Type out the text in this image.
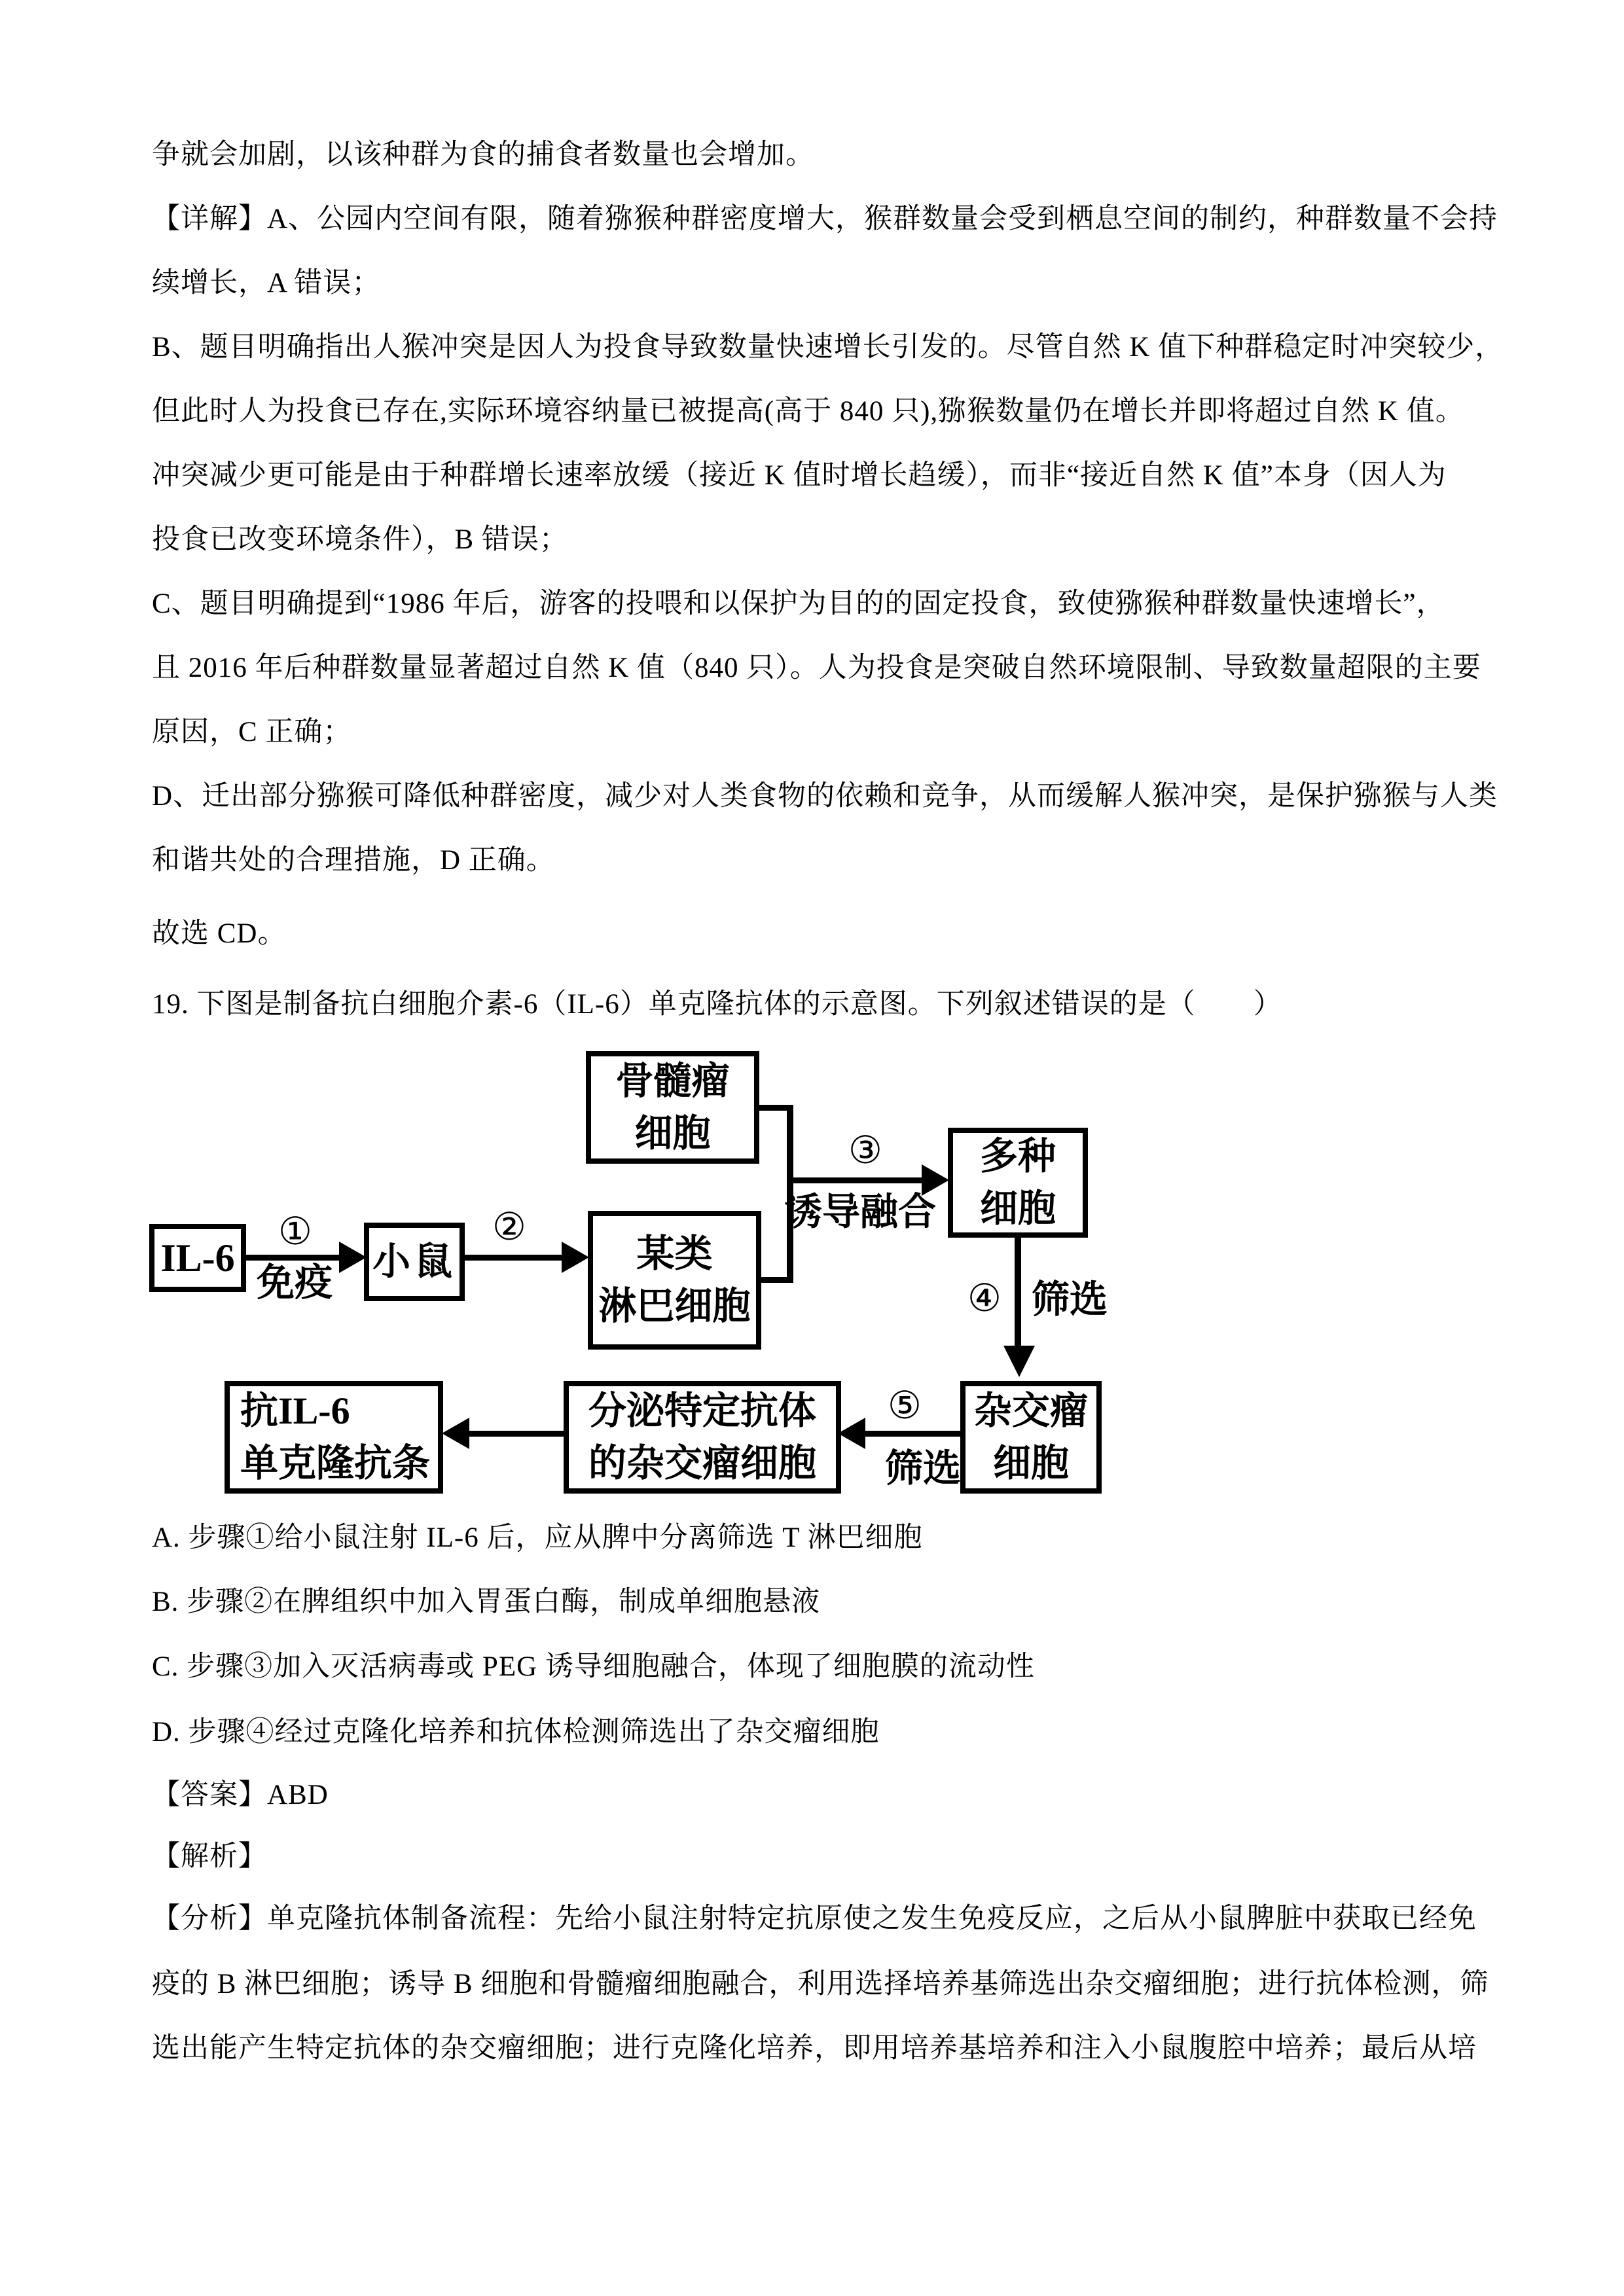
争就会加剧，以该种群为食的捕食者数量也会增加。
【详解】A、公园内空间有限，随着猕猴种群密度增大，猴群数量会受到栖息空间的制约，种群数量不会持
续增长，A 错误；
B、题目明确指出人猴冲突是因人为投食导致数量快速增长引发的。尽管自然 K 值下种群稳定时冲突较少，
但此时人为投食已存在,实际环境容纳量已被提高(高于 840 只),猕猴数量仍在增长并即将超过自然 K 值。
冲突减少更可能是由于种群增长速率放缓（接近 K 值时增长趋缓），而非“接近自然 K 值”本身（因人为
投食已改变环境条件），B 错误；
C、题目明确提到“1986 年后，游客的投喂和以保护为目的的固定投食，致使猕猴种群数量快速增长”，
且 2016 年后种群数量显著超过自然 K 值（840 只）。人为投食是突破自然环境限制、导致数量超限的主要
原因，C 正确；
D、迁出部分猕猴可降低种群密度，减少对人类食物的依赖和竞争，从而缓解人猴冲突，是保护猕猴与人类
和谐共处的合理措施，D 正确。
故选 CD。
19. 下图是制备抗白细胞介素-6（IL-6）单克隆抗体的示意图。下列叙述错误的是（　　）
骨髓瘤
细胞
某类
淋巴细胞
IL-6	小鼠
多种
细胞
杂交瘤
细胞
分泌特定抗体
的杂交瘤细胞
抗IL-6
单克隆抗条
①
免疫
②
③
诱导融合
④ 筛选
⑤
筛选
A. 步骤①给小鼠注射 IL-6 后，应从脾中分离筛选 T 淋巴细胞
B. 步骤②在脾组织中加入胃蛋白酶，制成单细胞悬液
C. 步骤③加入灭活病毒或 PEG 诱导细胞融合，体现了细胞膜的流动性
D. 步骤④经过克隆化培养和抗体检测筛选出了杂交瘤细胞
【答案】ABD
【解析】
【分析】单克隆抗体制备流程：先给小鼠注射特定抗原使之发生免疫反应，之后从小鼠脾脏中获取已经免
疫的 B 淋巴细胞；诱导 B 细胞和骨髓瘤细胞融合，利用选择培养基筛选出杂交瘤细胞；进行抗体检测，筛
选出能产生特定抗体的杂交瘤细胞；进行克隆化培养，即用培养基培养和注入小鼠腹腔中培养；最后从培
